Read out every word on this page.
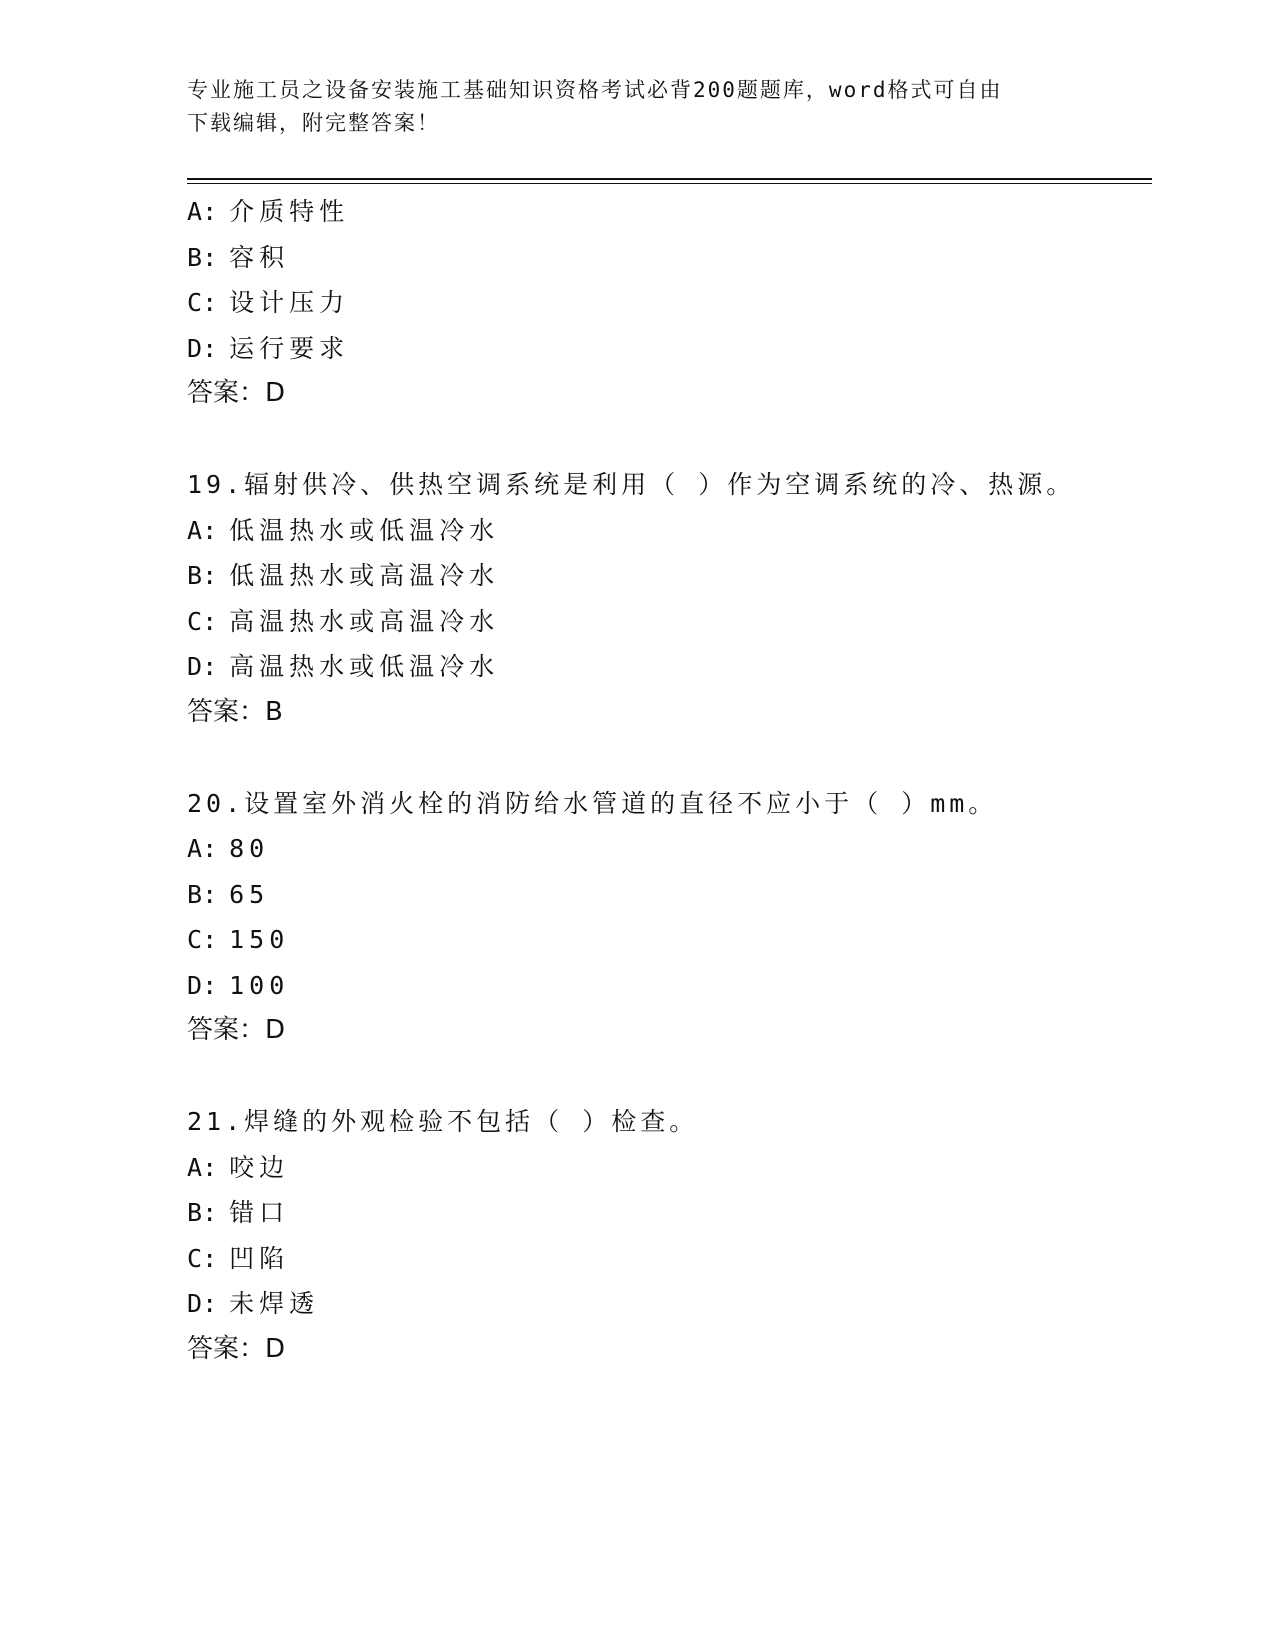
专业施工员之设备安装施工基础知识资格考试必背200题题库，word格式可自由
下载编辑，附完整答案！
A: 介质特性
B: 容积
C: 设计压力
D: 运行要求
答案：D
19.辐射供冷、供热空调系统是利用（ ）作为空调系统的冷、热源。
A: 低温热水或低温冷水
B: 低温热水或高温冷水
C: 高温热水或高温冷水
D: 高温热水或低温冷水
答案：B
20.设置室外消火栓的消防给水管道的直径不应小于（ ）mm。
A: 80
B: 65
C: 150
D: 100
答案：D
21.焊缝的外观检验不包括（ ）检查。
A: 咬边
B: 错口
C: 凹陷
D: 未焊透
答案：D
